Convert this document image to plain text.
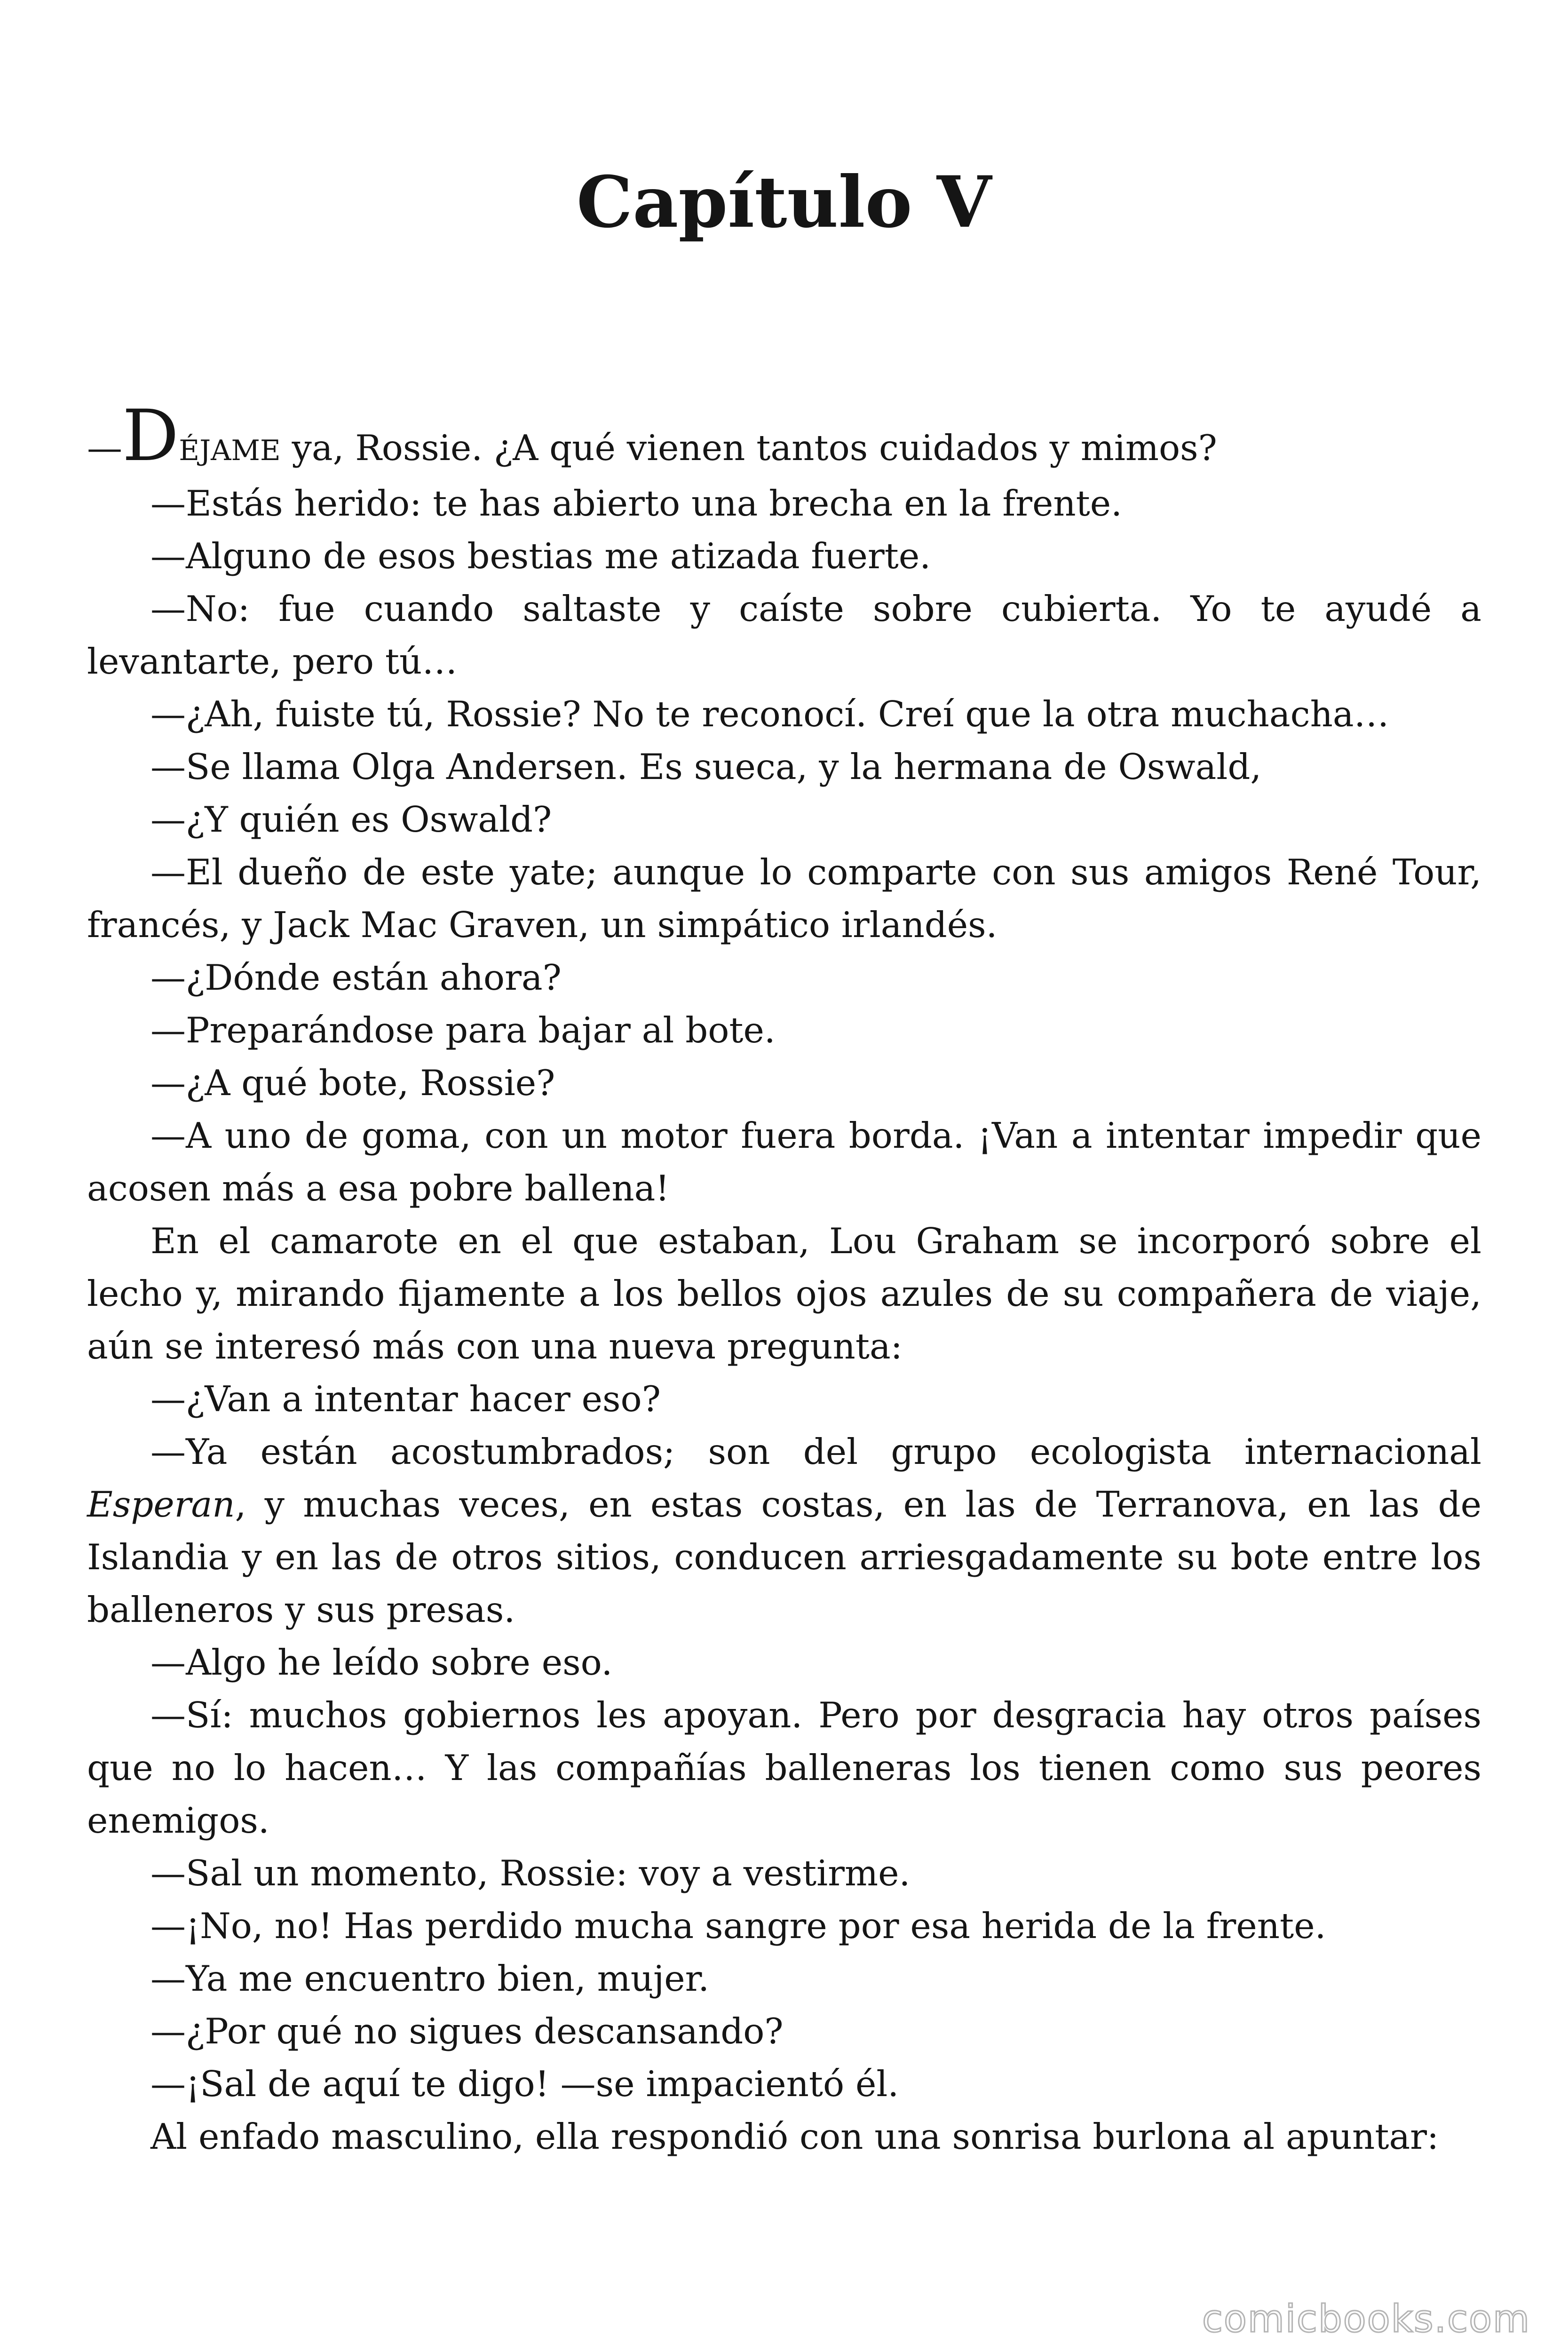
Capítulo V

—DÉJAME ya, Rossie. ¿A qué vienen tantos cuidados y mimos?

—Estás herido: te has abierto una brecha en la frente.

—Alguno de esos bestias me atizada fuerte.

—No: fue cuando saltaste y caíste sobre cubierta. Yo te ayudé a levantarte, pero tú…

—¿Ah, fuiste tú, Rossie? No te reconocí. Creí que la otra muchacha…

—Se llama Olga Andersen. Es sueca, y la hermana de Oswald,

—¿Y quién es Oswald?

—El dueño de este yate; aunque lo comparte con sus amigos René Tour, francés, y Jack Mac Graven, un simpático irlandés.

—¿Dónde están ahora?

—Preparándose para bajar al bote.

—¿A qué bote, Rossie?

—A uno de goma, con un motor fuera borda. ¡Van a intentar impedir que acosen más a esa pobre ballena!

En el camarote en el que estaban, Lou Graham se incorporó sobre el lecho y, mirando fijamente a los bellos ojos azules de su compañera de viaje, aún se interesó más con una nueva pregunta:

—¿Van a intentar hacer eso?

—Ya están acostumbrados; son del grupo ecologista internacional Esperan, y muchas veces, en estas costas, en las de Terranova, en las de Islandia y en las de otros sitios, conducen arriesgadamente su bote entre los balleneros y sus presas.

—Algo he leído sobre eso.

—Sí: muchos gobiernos les apoyan. Pero por desgracia hay otros países que no lo hacen… Y las compañías balleneras los tienen como sus peores enemigos.

—Sal un momento, Rossie: voy a vestirme.

—¡No, no! Has perdido mucha sangre por esa herida de la frente.

—Ya me encuentro bien, mujer.

—¿Por qué no sigues descansando?

—¡Sal de aquí te digo! —se impacientó él.

Al enfado masculino, ella respondió con una sonrisa burlona al apuntar:

comicbooks.com
